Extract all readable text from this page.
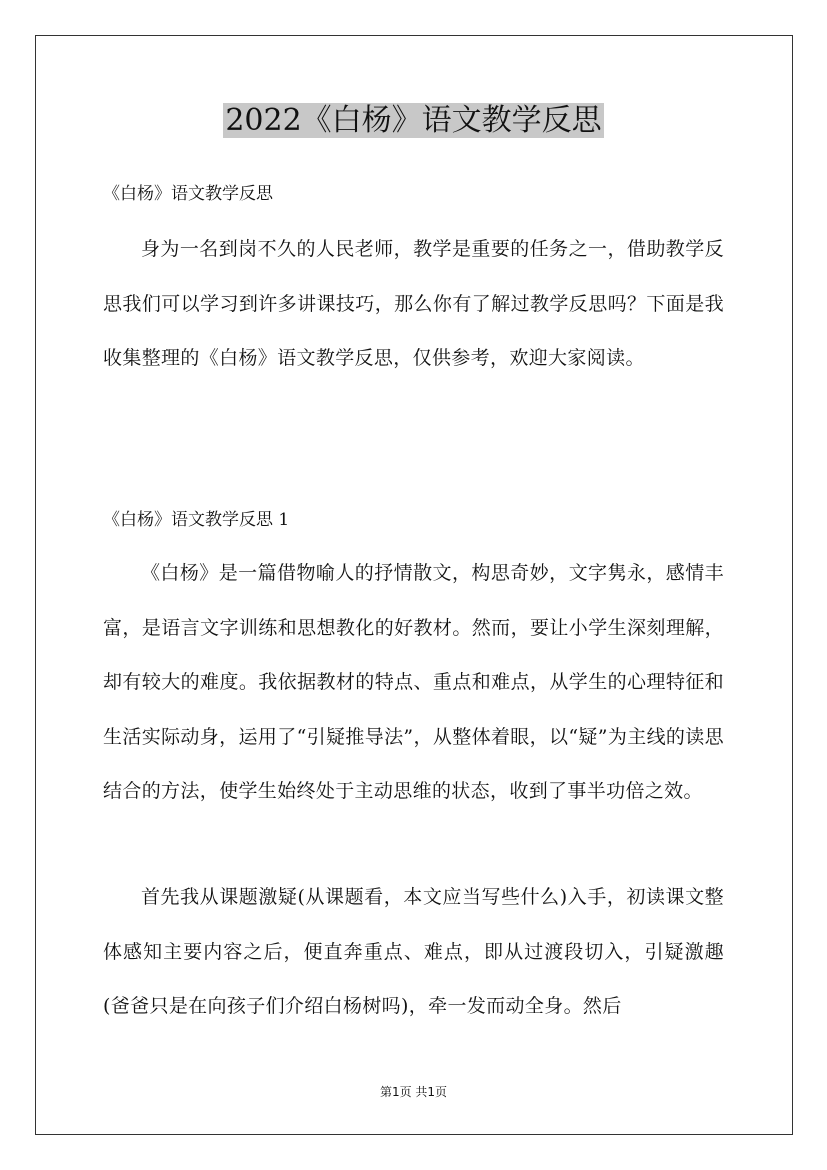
2022《白杨》语文教学反思
《白杨》语文教学反思

身为一名到岗不久的人民老师，教学是重要的任务之一，借助教学反思我们可以学习到许多讲课技巧，那么你有了解过教学反思吗？下面是我收集整理的《白杨》语文教学反思，仅供参考，欢迎大家阅读。

《白杨》语文教学反思 1

《白杨》是一篇借物喻人的抒情散文，构思奇妙，文字隽永，感情丰富，是语言文字训练和思想教化的好教材。然而，要让小学生深刻理解，却有较大的难度。我依据教材的特点、重点和难点，从学生的心理特征和生活实际动身，运用了“引疑推导法”，从整体着眼，以“疑”为主线的读思结合的方法，使学生始终处于主动思维的状态，收到了事半功倍之效。

首先我从课题激疑(从课题看，本文应当写些什么)入手，初读课文整体感知主要内容之后，便直奔重点、难点，即从过渡段切入，引疑激趣(爸爸只是在向孩子们介绍白杨树吗)，牵一发而动全身。然后

第1页 共1页
